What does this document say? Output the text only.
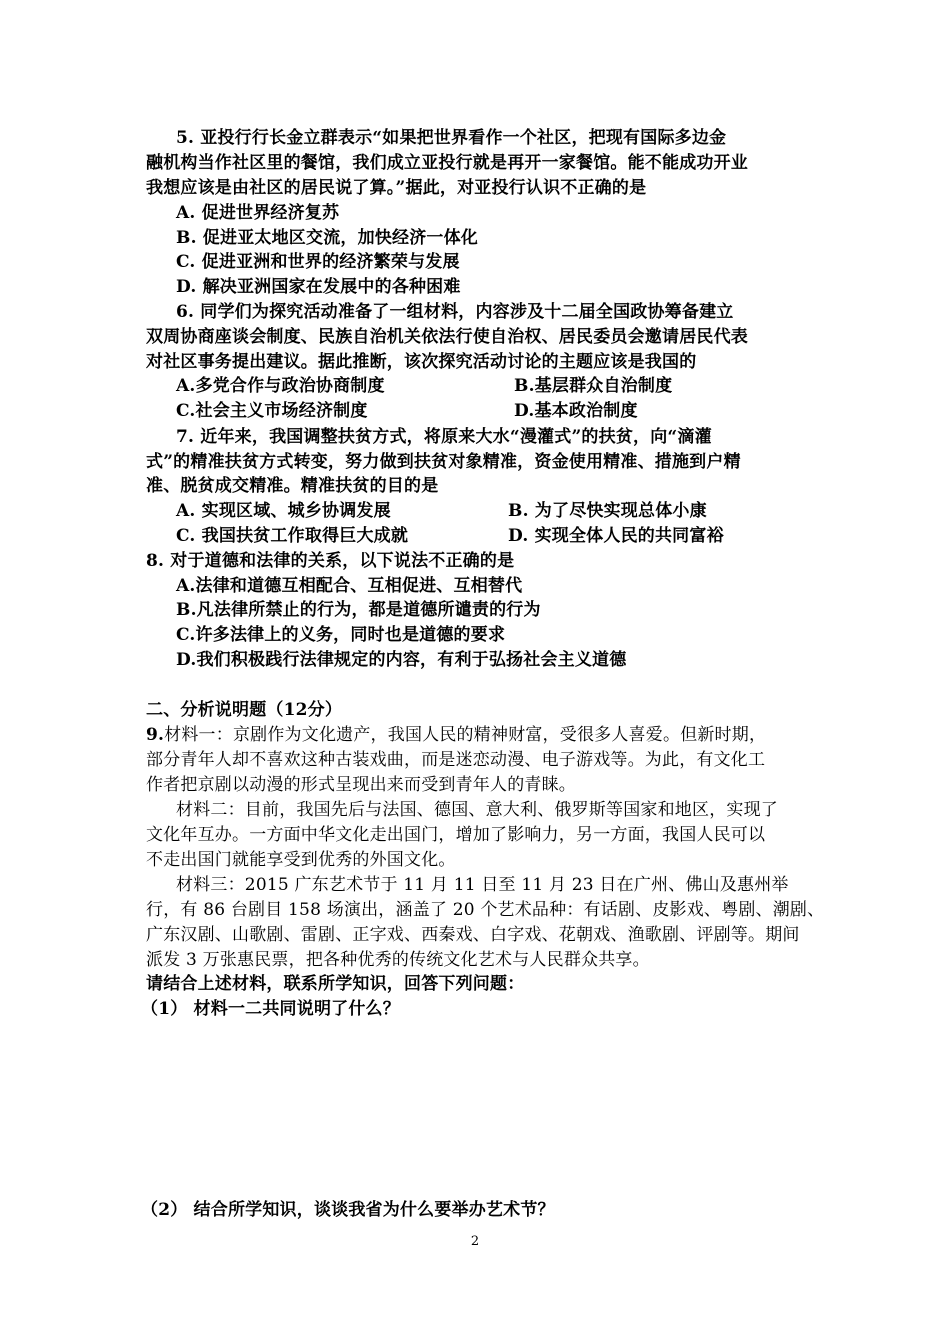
5. 亚投行行长金立群表示“如果把世界看作一个社区，把现有国际多边金
融机构当作社区里的餐馆，我们成立亚投行就是再开一家餐馆。能不能成功开业
我想应该是由社区的居民说了算。”据此，对亚投行认识不正确的是
A. 促进世界经济复苏
B. 促进亚太地区交流，加快经济一体化
C. 促进亚洲和世界的经济繁荣与发展
D. 解决亚洲国家在发展中的各种困难
6. 同学们为探究活动准备了一组材料，内容涉及十二届全国政协筹备建立
双周协商座谈会制度、民族自治机关依法行使自治权、居民委员会邀请居民代表
对社区事务提出建议。据此推断，该次探究活动讨论的主题应该是我国的
A.多党合作与政治协商制度	B.基层群众自治制度
C.社会主义市场经济制度	D.基本政治制度
7. 近年来，我国调整扶贫方式，将原来大水“漫灌式”的扶贫，向“滴灌
式”的精准扶贫方式转变，努力做到扶贫对象精准，资金使用精准、措施到户精
准、脱贫成交精准。精准扶贫的目的是
A. 实现区域、城乡协调发展	B. 为了尽快实现总体小康
C. 我国扶贫工作取得巨大成就	D. 实现全体人民的共同富裕
8. 对于道德和法律的关系，以下说法不正确的是
A.法律和道德互相配合、互相促进、互相替代
B.凡法律所禁止的行为，都是道德所谴责的行为
C.许多法律上的义务，同时也是道德的要求
D.我们积极践行法律规定的内容，有利于弘扬社会主义道德
二、分析说明题（12分）
9.材料一：京剧作为文化遗产，我国人民的精神财富，受很多人喜爱。但新时期，
部分青年人却不喜欢这种古装戏曲，而是迷恋动漫、电子游戏等。为此，有文化工
作者把京剧以动漫的形式呈现出来而受到青年人的青睐。
材料二：目前，我国先后与法国、德国、意大利、俄罗斯等国家和地区，实现了
文化年互办。一方面中华文化走出国门，增加了影响力，另一方面，我国人民可以
不走出国门就能享受到优秀的外国文化。
材料三：2015 广东艺术节于 11 月 11 日至 11 月 23 日在广州、佛山及惠州举
行，有 86 台剧目 158 场演出，涵盖了 20 个艺术品种：有话剧、皮影戏、粤剧、潮剧、
广东汉剧、山歌剧、雷剧、正字戏、西秦戏、白字戏、花朝戏、渔歌剧、评剧等。期间
派发 3 万张惠民票，把各种优秀的传统文化艺术与人民群众共享。
请结合上述材料，联系所学知识，回答下列问题：
（1） 材料一二共同说明了什么？
（2） 结合所学知识，谈谈我省为什么要举办艺术节？
2
